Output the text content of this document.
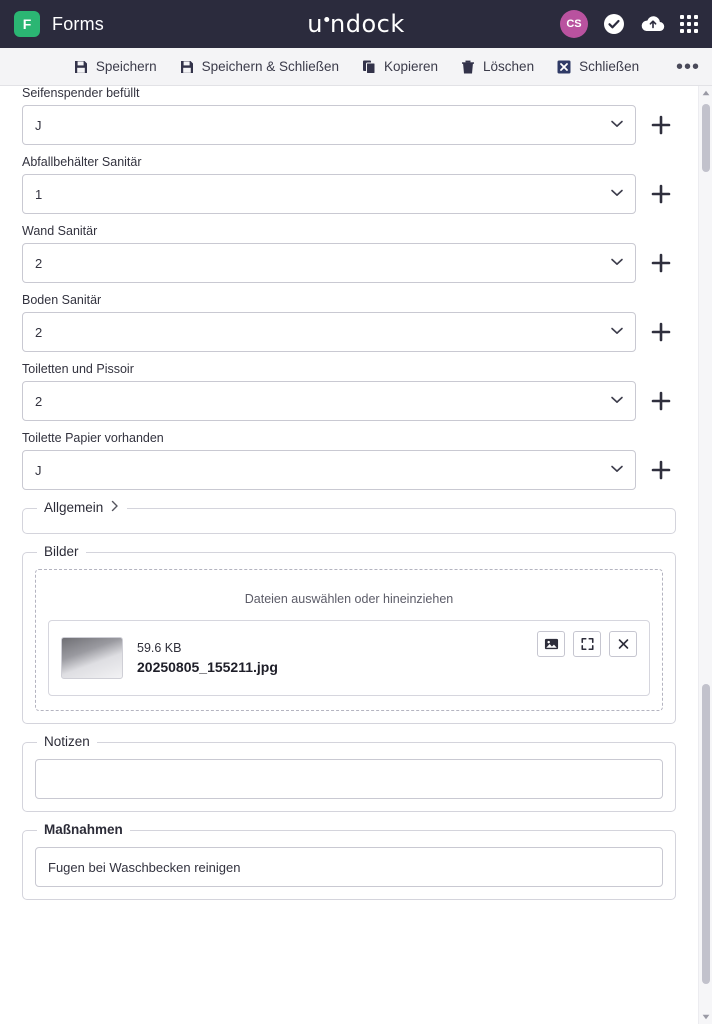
F	Forms	u ndock	CS
Speichern	Speichern & Schließen	Kopieren	Löschen	Schließen •••
Seifenspender befüllt
J
Abfallbehälter Sanitär
1
Wand Sanitär
2
Boden Sanitär
2
Toiletten und Pissoir
2
Toilette Papier vorhanden
J
Allgemein
Bilder
Dateien auswählen oder hineinziehen
59.6 KB
20250805_155211.jpg
Notizen
Maßnahmen
Fugen bei Waschbecken reinigen
